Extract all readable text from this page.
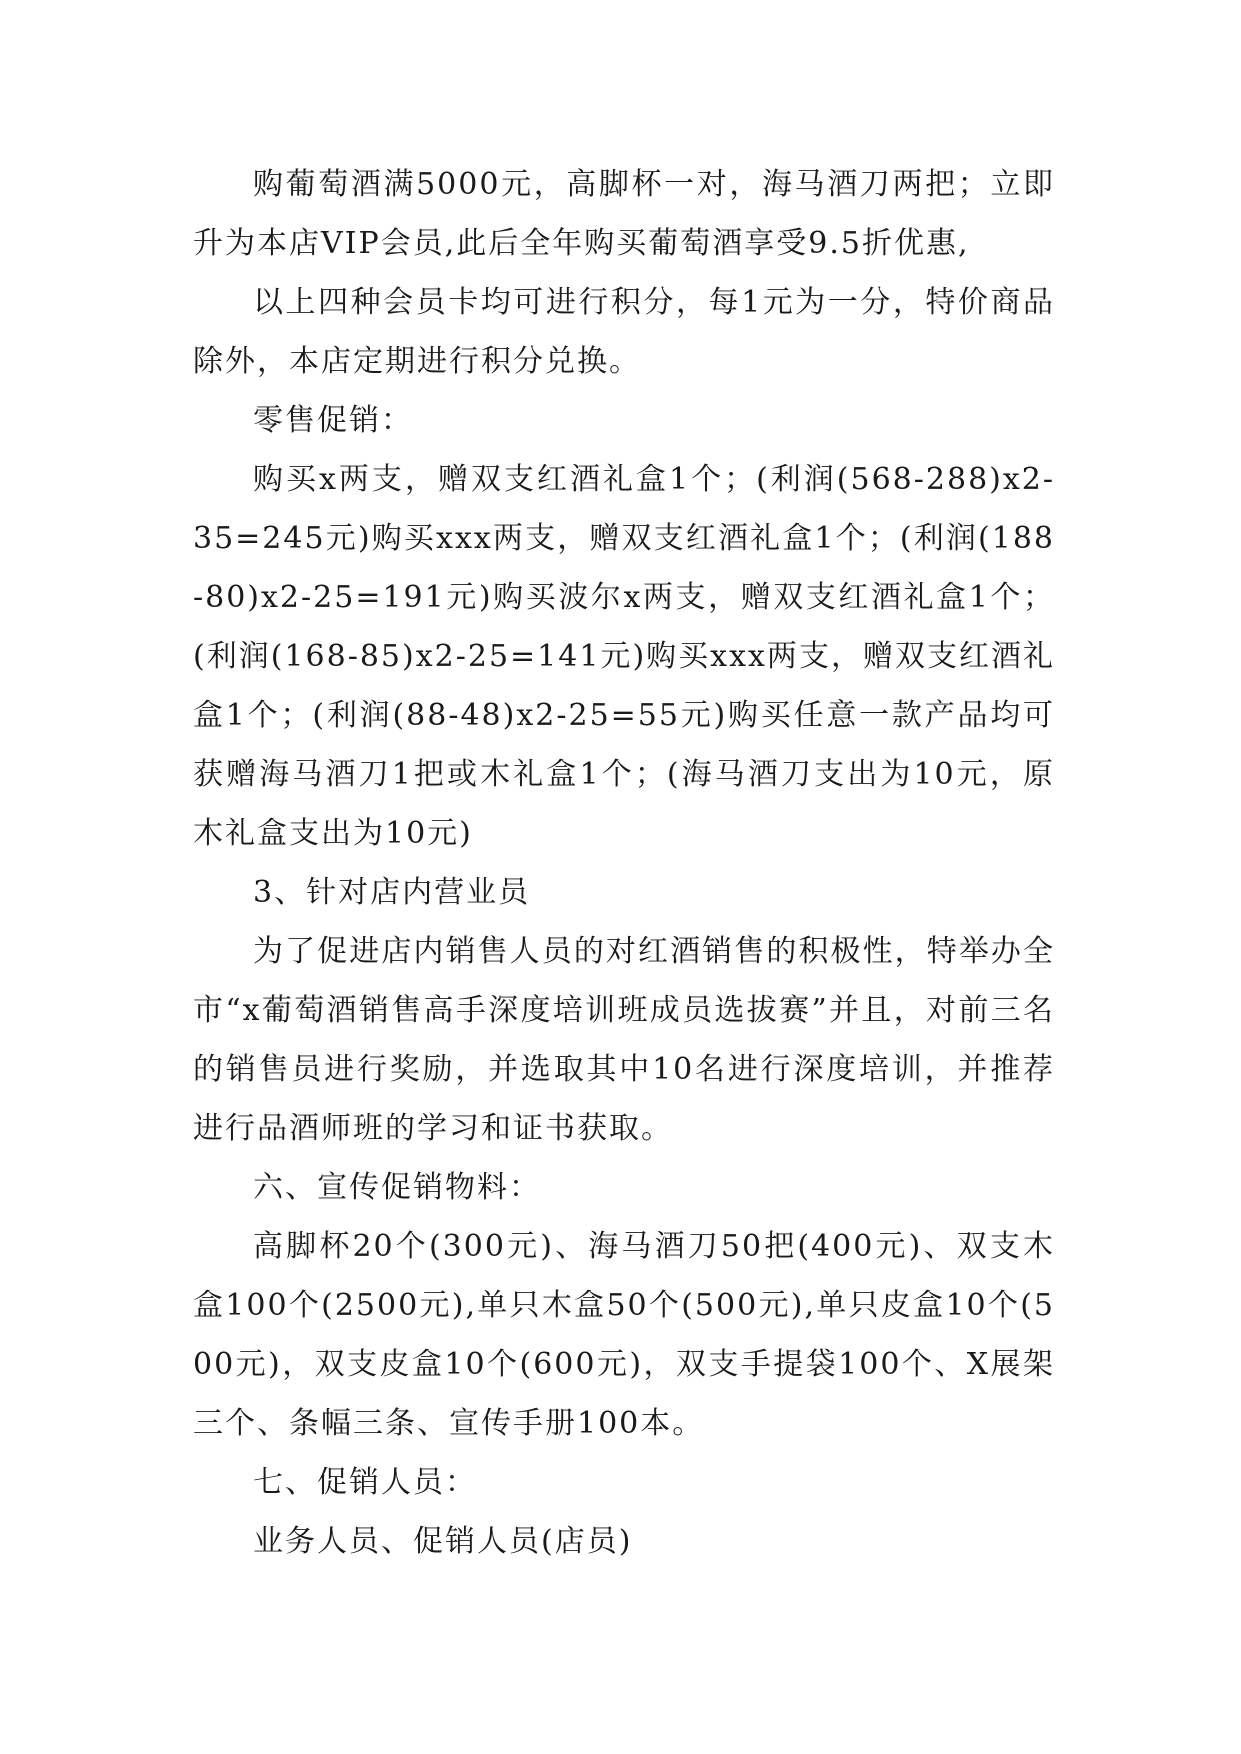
购葡萄酒满5000元，高脚杯一对，海马酒刀两把；立即升为本店VIP会员,此后全年购买葡萄酒享受9.5折优惠,

以上四种会员卡均可进行积分，每1元为一分，特价商品除外，本店定期进行积分兑换。

零售促销：

购买x两支，赠双支红酒礼盒1个；(利润(568-288)x2-35=245元)购买xxx两支，赠双支红酒礼盒1个；(利润(188-80)x2-25=191元)购买波尔x两支，赠双支红酒礼盒1个；(利润(168-85)x2-25=141元)购买xxx两支，赠双支红酒礼盒1个；(利润(88-48)x2-25=55元)购买任意一款产品均可获赠海马酒刀1把或木礼盒1个；(海马酒刀支出为10元，原木礼盒支出为10元)

3、针对店内营业员

为了促进店内销售人员的对红酒销售的积极性，特举办全市“x葡萄酒销售高手深度培训班成员选拔赛”并且，对前三名的销售员进行奖励，并选取其中10名进行深度培训，并推荐进行品酒师班的学习和证书获取。

六、宣传促销物料：

高脚杯20个(300元)、海马酒刀50把(400元)、双支木盒100个(2500元),单只木盒50个(500元),单只皮盒10个(500元)，双支皮盒10个(600元)，双支手提袋100个、X展架三个、条幅三条、宣传手册100本。

七、促销人员：

业务人员、促销人员(店员)
